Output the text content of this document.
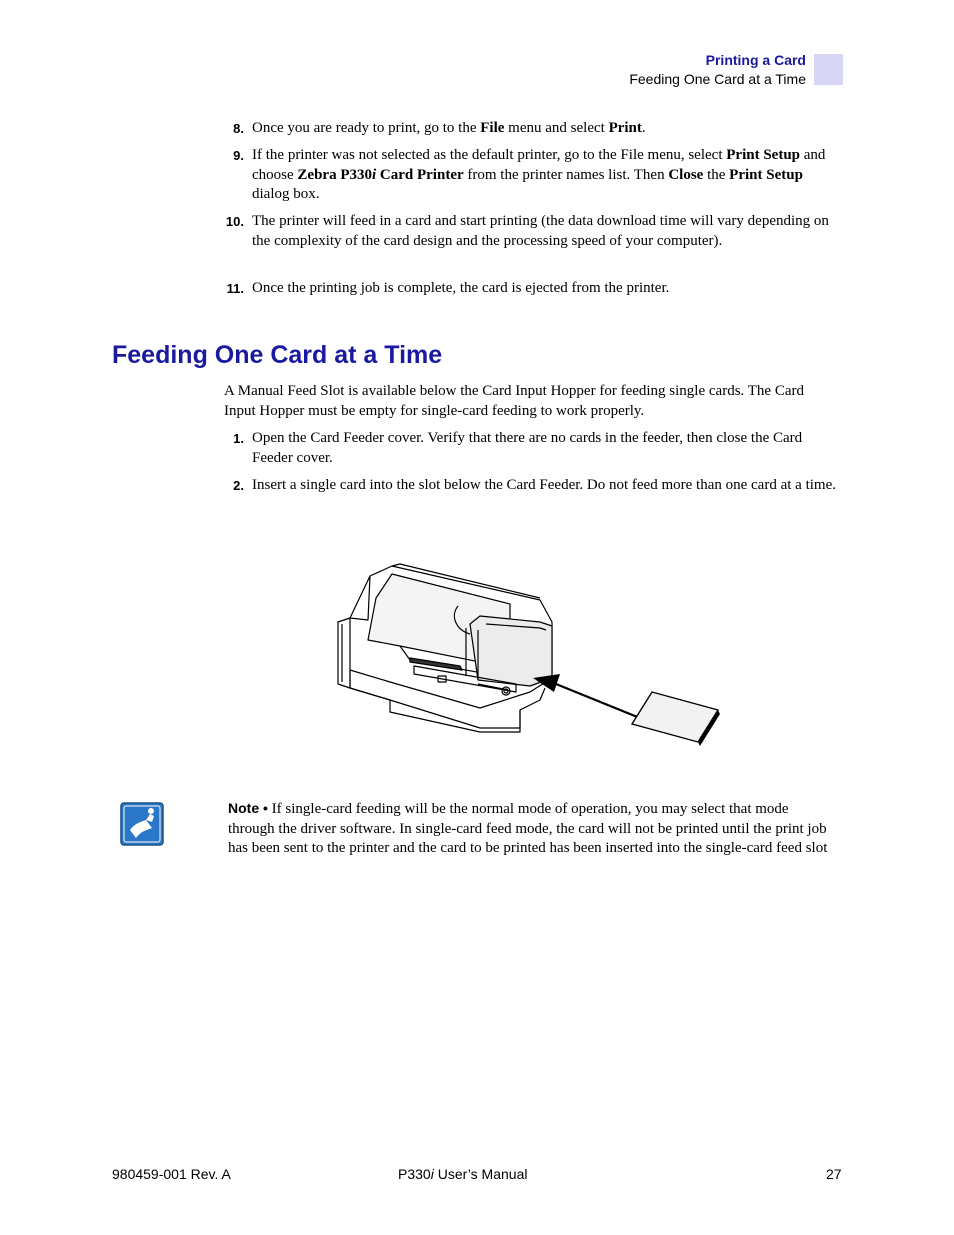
Printing a Card
Feeding One Card at a Time
8. Once you are ready to print, go to the File menu and select Print.
9. If the printer was not selected as the default printer, go to the File menu, select Print Setup and choose Zebra P330i Card Printer from the printer names list. Then Close the Print Setup dialog box.
10. The printer will feed in a card and start printing (the data download time will vary depending on the complexity of the card design and the processing speed of your computer).
11. Once the printing job is complete, the card is ejected from the printer.
Feeding One Card at a Time
A Manual Feed Slot is available below the Card Input Hopper for feeding single cards. The Card Input Hopper must be empty for single-card feeding to work properly.
1. Open the Card Feeder cover. Verify that there are no cards in the feeder, then close the Card Feeder cover.
2. Insert a single card into the slot below the Card Feeder. Do not feed more than one card at a time.
Note • If single-card feeding will be the normal mode of operation, you may select that mode through the driver software. In single-card feed mode, the card will not be printed until the print job has been sent to the printer and the card to be printed has been inserted into the single-card feed slot
980459-001 Rev. A	P330i User’s Manual	27
